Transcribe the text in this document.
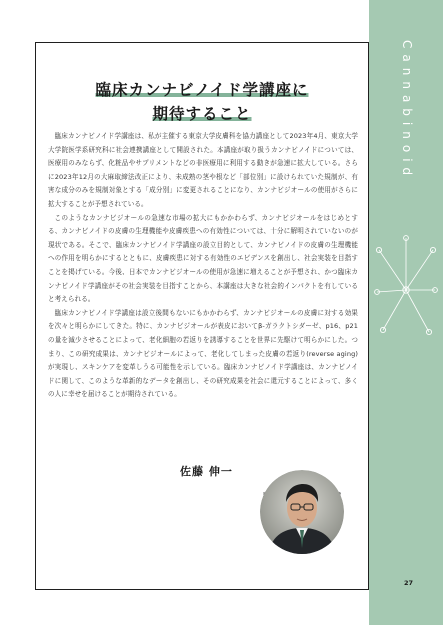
Cannabinoid
臨床カンナビノイド学講座に
期待すること

臨床カンナビノイド学講座は、私が主催する東京大学皮膚科を協力講座として2023年4月、東京大学大学院医学系研究科に社会連携講座として開設された。本講座が取り扱うカンナビノイドについては、医療用のみならず、化粧品やサプリメントなどの非医療用に利用する動きが急速に拡大している。さらに2023年12月の大麻取締法改正により、未成熟の茎や根など「部位別」に設けられていた規制が、有害な成分のみを規制対象とする「成分別」に変更されることになり、カンナビジオールの使用がさらに拡大することが予想されている。

このようなカンナビジオールの急速な市場の拡大にもかかわらず、カンナビジオールをはじめとする、カンナビノイドの皮膚の生理機能や皮膚疾患への有効性については、十分に解明されていないのが現状である。そこで、臨床カンナビノイド学講座の設立目的として、カンナビノイドの皮膚の生理機能への作用を明らかにするとともに、皮膚疾患に対する有効性のエビデンスを創出し、社会実装を目指すことを掲げている。今後、日本でカンナビジオールの使用が急速に増えることが予想され、かつ臨床カンナビノイド学講座がその社会実装を目指すことから、本講座は大きな社会的インパクトを有していると考えられる。

臨床カンナビノイド学講座は設立後間もないにもかかわらず、カンナビジオールの皮膚に対する効果を次々と明らかにしてきた。特に、カンナビジオールが表皮においてβ-ガラクトシダーゼ、p16、p21の量を減少させることによって、老化細胞の若返りを誘導することを世界に先駆けて明らかにした。つまり、この研究成果は、カンナビジオールによって、老化してしまった皮膚の若返り(reverse aging)が実現し、スキンケアを変革しうる可能性を示している。臨床カンナビノイド学講座は、カンナビノイドに関して、このような革新的なデータを創出し、その研究成果を社会に還元することによって、多くの人に幸せを届けることが期待されている。

佐藤 伸一
27
